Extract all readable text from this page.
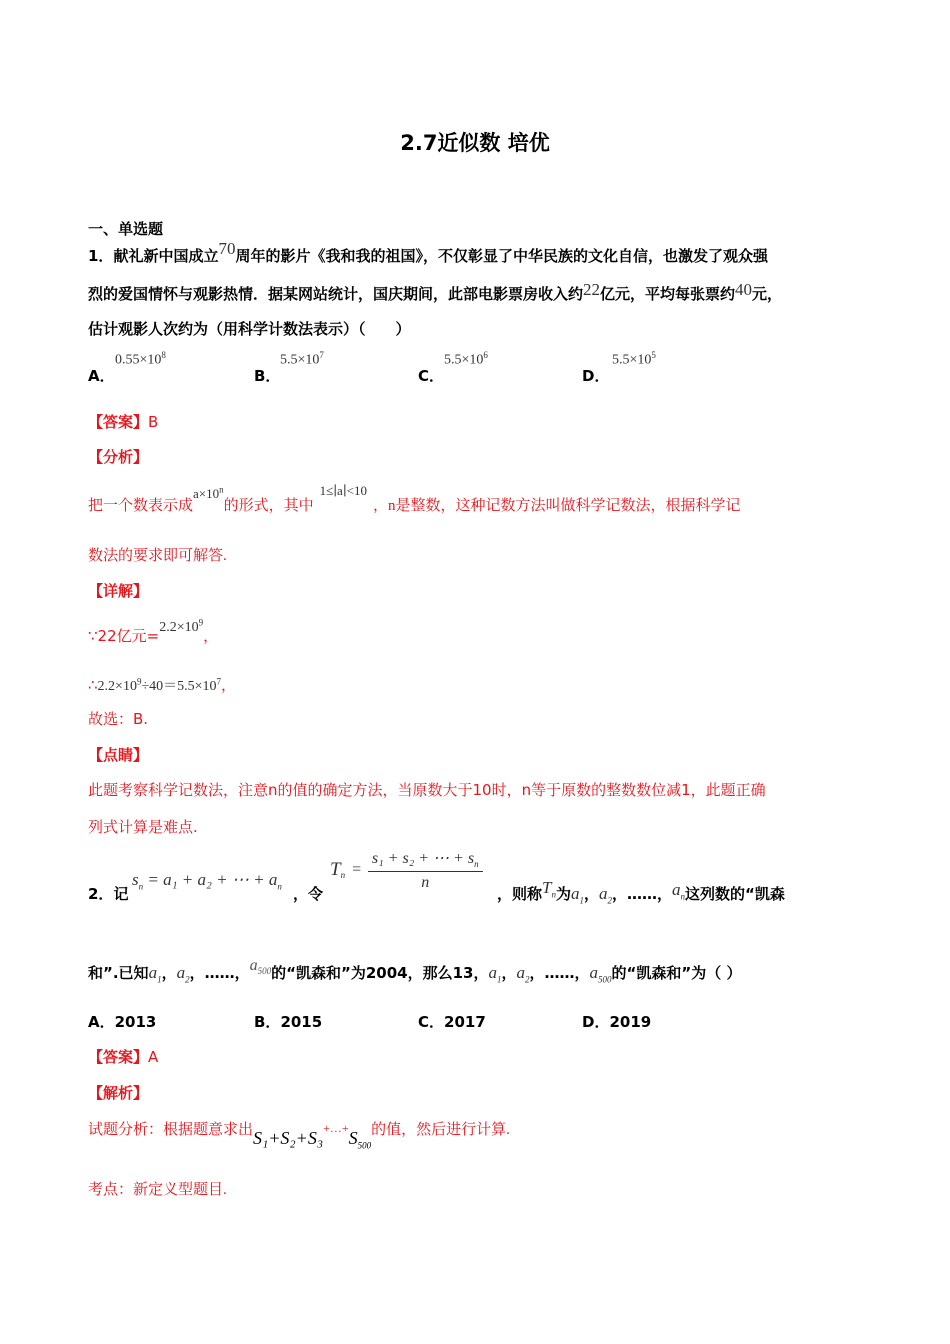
2.7近似数 培优
一、单选题
1．献礼新中国成立70周年的影片《我和我的祖国》，不仅彰显了中华民族的文化自信，也激发了观众强
烈的爱国情怀与观影热情．据某网站统计，国庆期间，此部电影票房收入约22亿元，平均每张票约40元，
估计观影人次约为（用科学计数法表示）（　　）
A．
$0.55\times 10^8$
B．
$5.5\times 10^7$
C．
$5.5\times 10^6$
D．
$5.5\times 10^5$
【答案】B
【分析】
把一个数表示成$a\times 10^n$的形式，其中1≤∣a∣<10，n是整数，这种记数方法叫做科学记数法，根据科学记
数法的要求即可解答.
【详解】
∵22亿元$=2.2\times 10^9$，
$\therefore 2.2\times 10^9\div 40=5.5\times 10^7$，
故选：B.
【点睛】
此题考察科学记数法，注意n的值的确定方法，当原数大于10时，n等于原数的整数数位减1，此题正确
列式计算是难点.
2．记
$s_n = a_1 + a_2$ + ⋯ + $a_n$ ，令
$T_n = \frac{s_1 + s_2 + \cdots + s_n}{n}$
，则称$T_n$为$a_1$，$a_2$，……，$a_n$这列数的“凯森
和”.已知$a_1$，$a_2$，……，$a_{500}$的“凯森和”为2004，那么13，$a_1$，$a_2$，……，$a_{500}$的“凯森和”为（ ）
A．2013	B．2015	C．2017	D．2019
【答案】A
【解析】
试题分析：根据题意求出$S_1+S_2+S_3+\dots+S_{500}$的值，然后进行计算.
考点：新定义型题目.
